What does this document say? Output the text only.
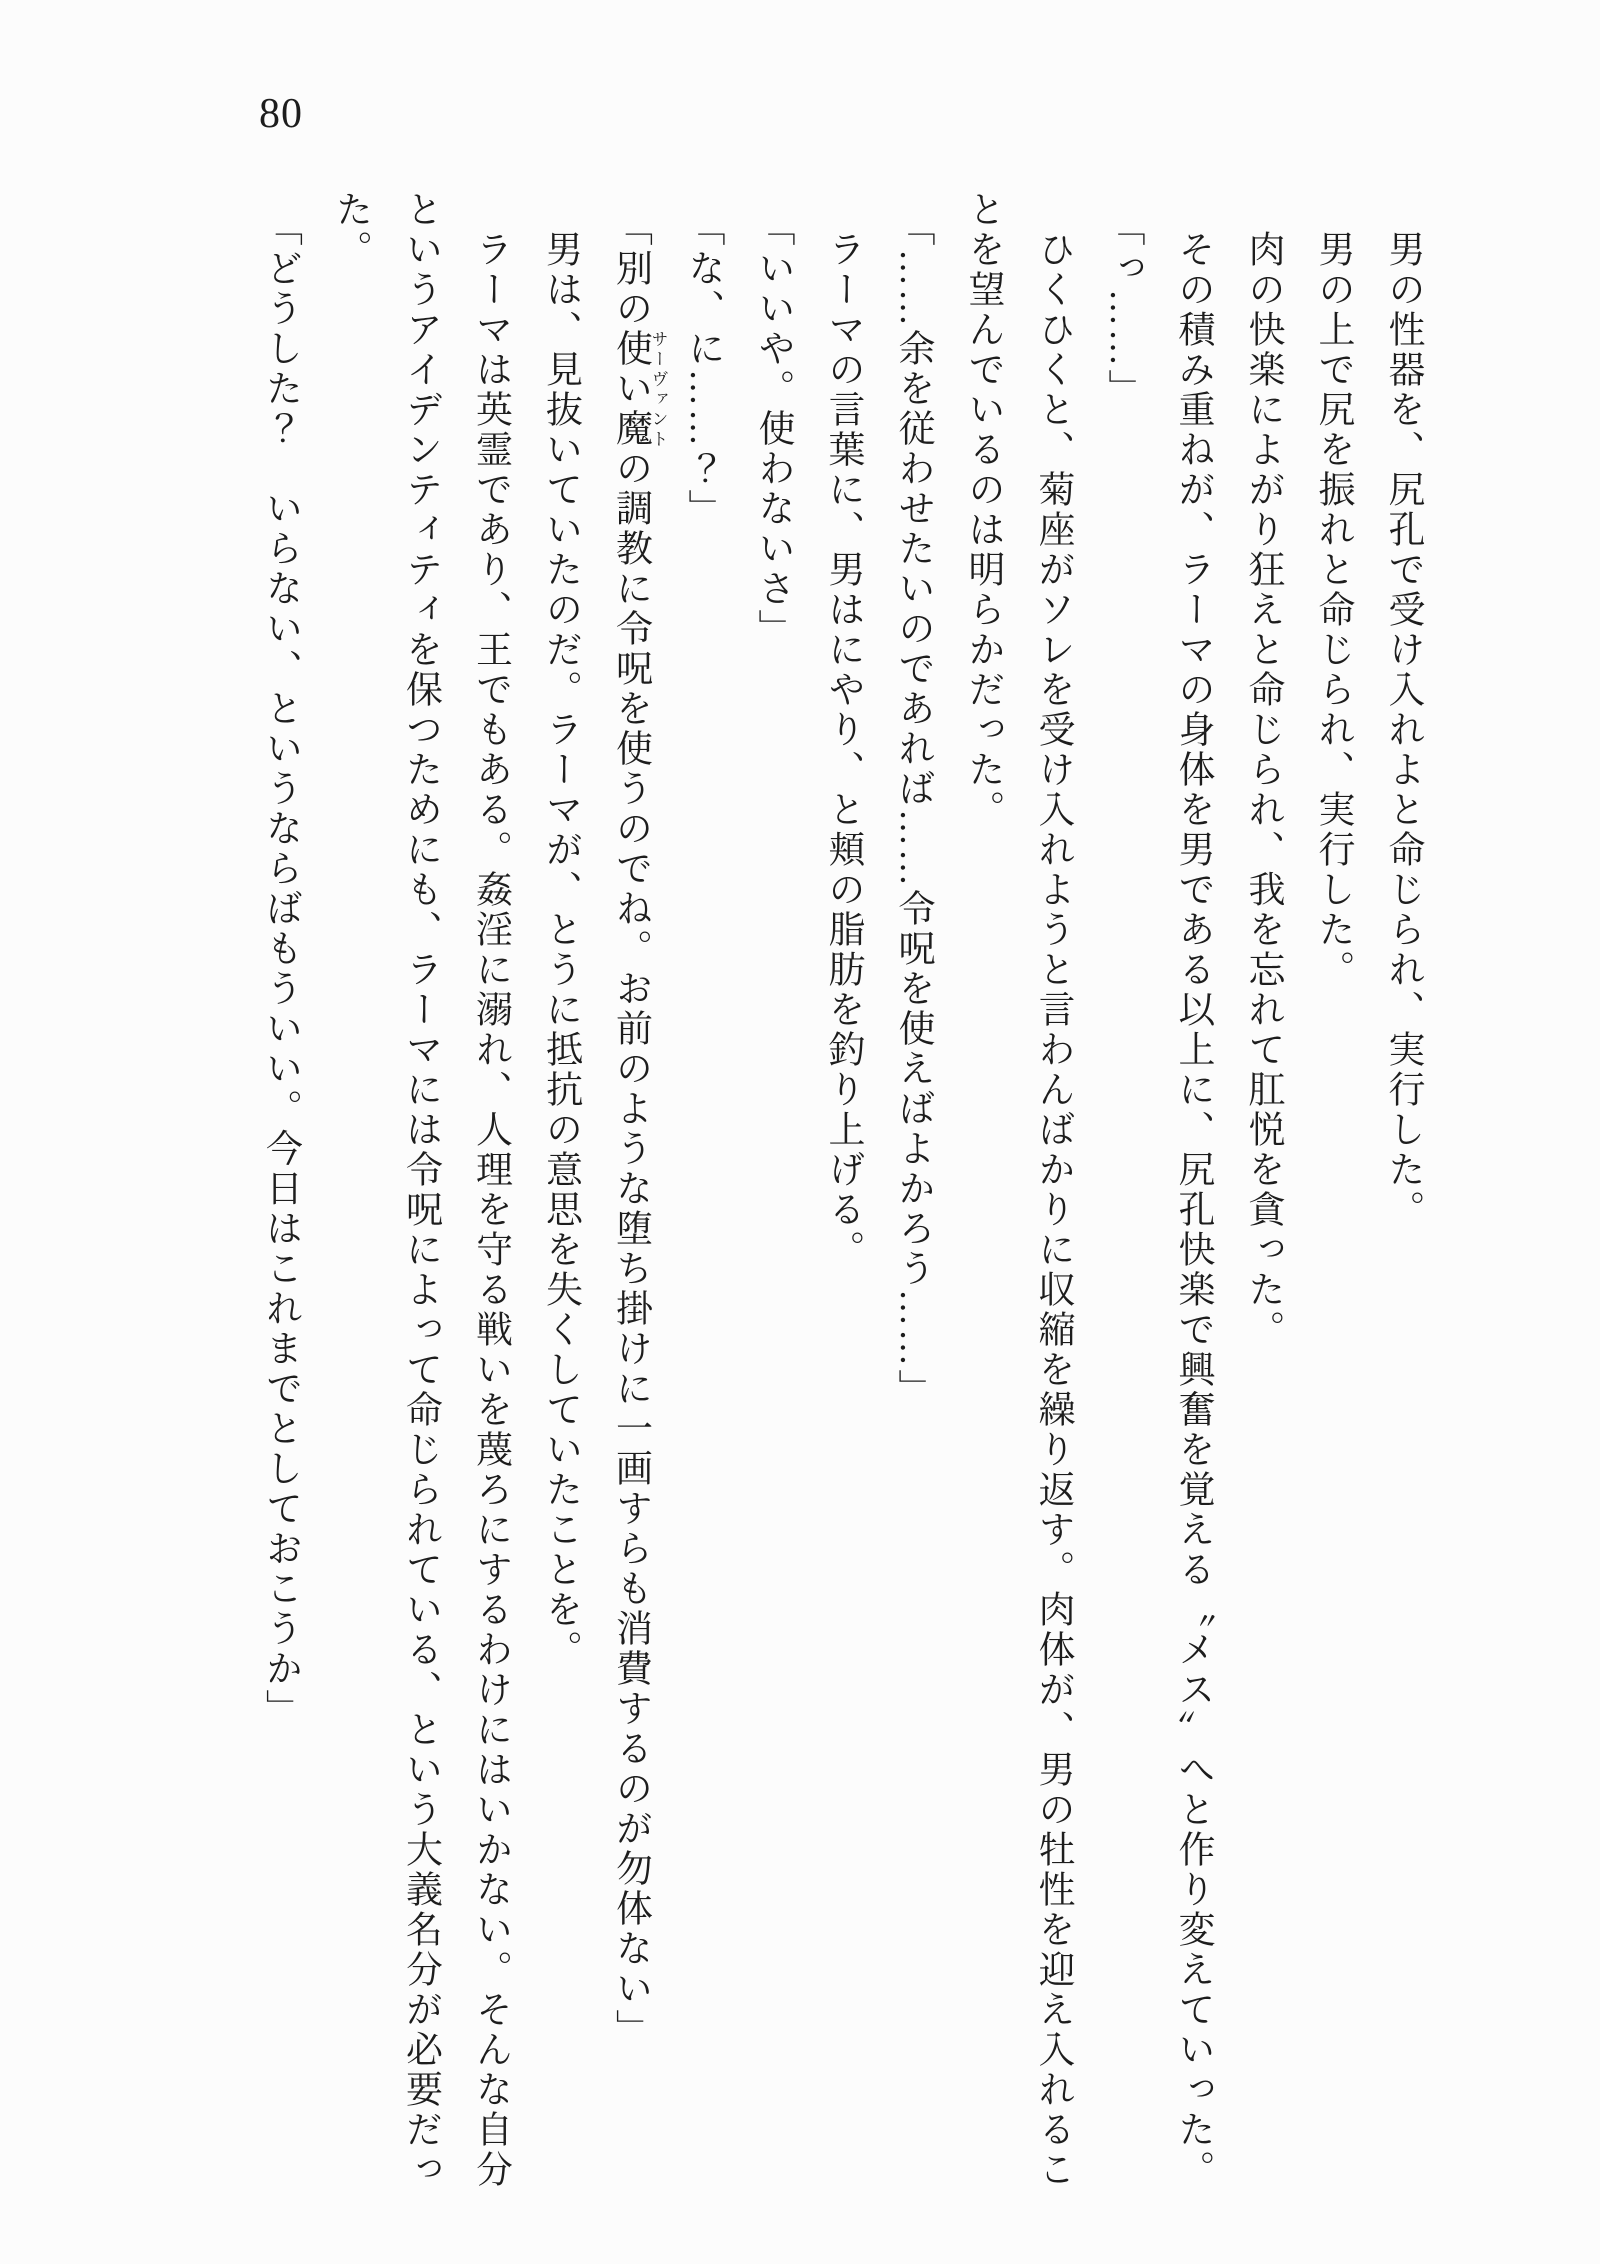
80

男の性器を、尻孔で受け入れよと命じられ、実行した。

男の上で尻を振れと命じられ、実行した。

肉の快楽によがり狂えと命じられ、我を忘れて肛悦を貪った。

その積み重ねが、ラーマの身体を男である以上に、尻孔快楽で興奮を覚える〝メス〟へと作り変えていった。

「っ……」

ひくひくと、菊座がソレを受け入れようと言わんばかりに収縮を繰り返す。肉体が、男の牡性を迎え入れることを望んでいるのは明らかだった。

「……余を従わせたいのであれば……令呪を使えばよかろう……」

ラーマの言葉に、男はにやり、と頬の脂肪を釣り上げる。

「いいや。使わないさ」

「な、に……？」

「別の使い魔サーヴァントの調教に令呪を使うのでね。お前のような堕ち掛けに一画すらも消費するのが勿体ない」

男は、見抜いていたのだ。ラーマが、とうに抵抗の意思を失くしていたことを。

ラーマは英霊であり、王でもある。姦淫に溺れ、人理を守る戦いを蔑ろにするわけにはいかない。そんな自分というアイデンティティを保つためにも、ラーマには令呪によって命じられている、という大義名分が必要だった。

「どうした？　いらない、というならばもういい。今日はこれまでとしておこうか」
